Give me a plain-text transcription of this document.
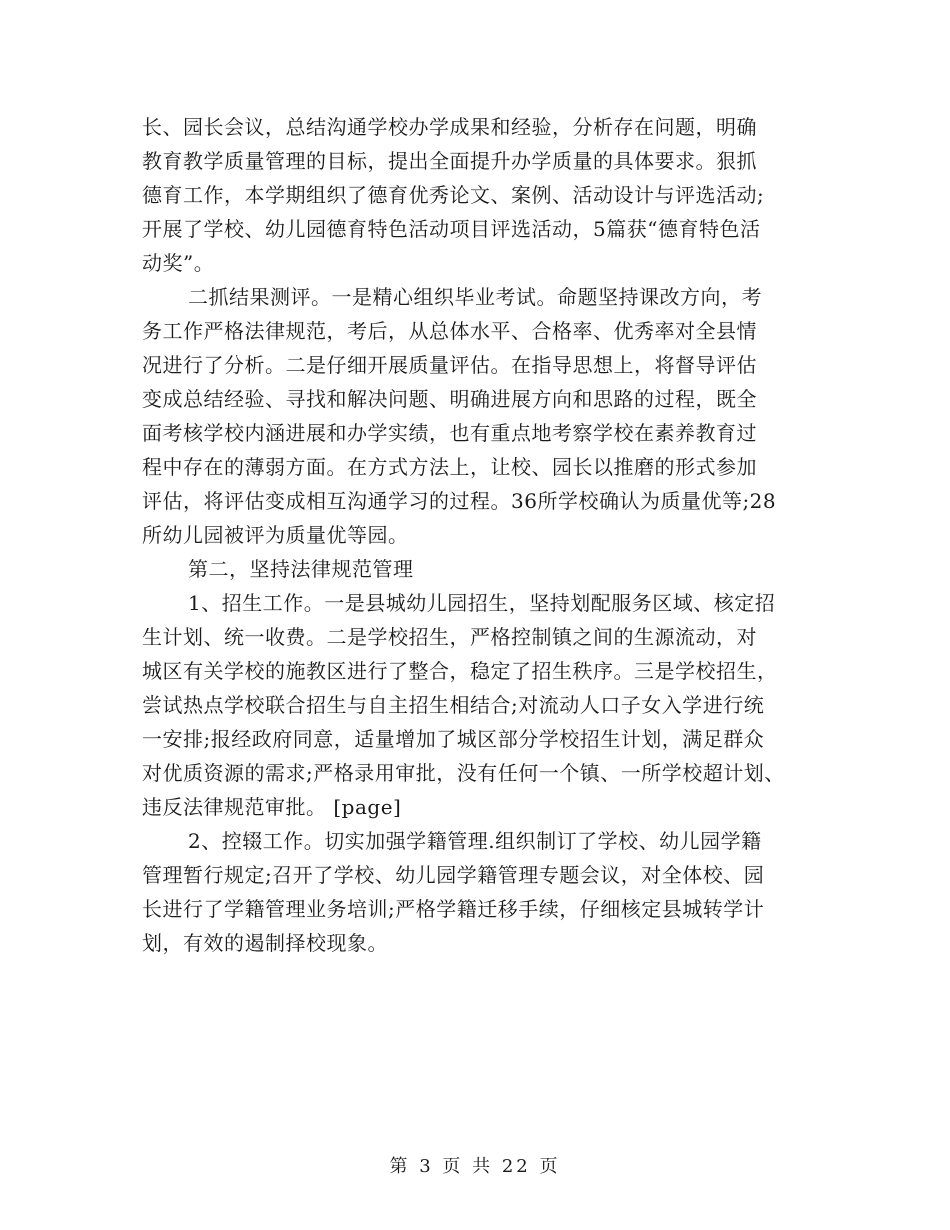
长、园长会议，总结沟通学校办学成果和经验，分析存在问题，明确
教育教学质量管理的目标，提出全面提升办学质量的具体要求。狠抓
德育工作，本学期组织了德育优秀论文、案例、活动设计与评选活动;
开展了学校、幼儿园德育特色活动项目评选活动，5篇获“德育特色活
动奖”。
二抓结果测评。一是精心组织毕业考试。命题坚持课改方向，考
务工作严格法律规范，考后，从总体水平、合格率、优秀率对全县情
况进行了分析。二是仔细开展质量评估。在指导思想上，将督导评估
变成总结经验、寻找和解决问题、明确进展方向和思路的过程，既全
面考核学校内涵进展和办学实绩，也有重点地考察学校在素养教育过
程中存在的薄弱方面。在方式方法上，让校、园长以推磨的形式参加
评估，将评估变成相互沟通学习的过程。36所学校确认为质量优等;28
所幼儿园被评为质量优等园。
第二，坚持法律规范管理
1、招生工作。一是县城幼儿园招生，坚持划配服务区域、核定招
生计划、统一收费。二是学校招生，严格控制镇之间的生源流动，对
城区有关学校的施教区进行了整合，稳定了招生秩序。三是学校招生，
尝试热点学校联合招生与自主招生相结合;对流动人口子女入学进行统
一安排;报经政府同意，适量增加了城区部分学校招生计划，满足群众
对优质资源的需求;严格录用审批，没有任何一个镇、一所学校超计划、
违反法律规范审批。 [page]
2、控辍工作。切实加强学籍管理.组织制订了学校、幼儿园学籍
管理暂行规定;召开了学校、幼儿园学籍管理专题会议，对全体校、园
长进行了学籍管理业务培训;严格学籍迁移手续，仔细核定县城转学计
划，有效的遏制择校现象。
第 3 页 共 22 页
